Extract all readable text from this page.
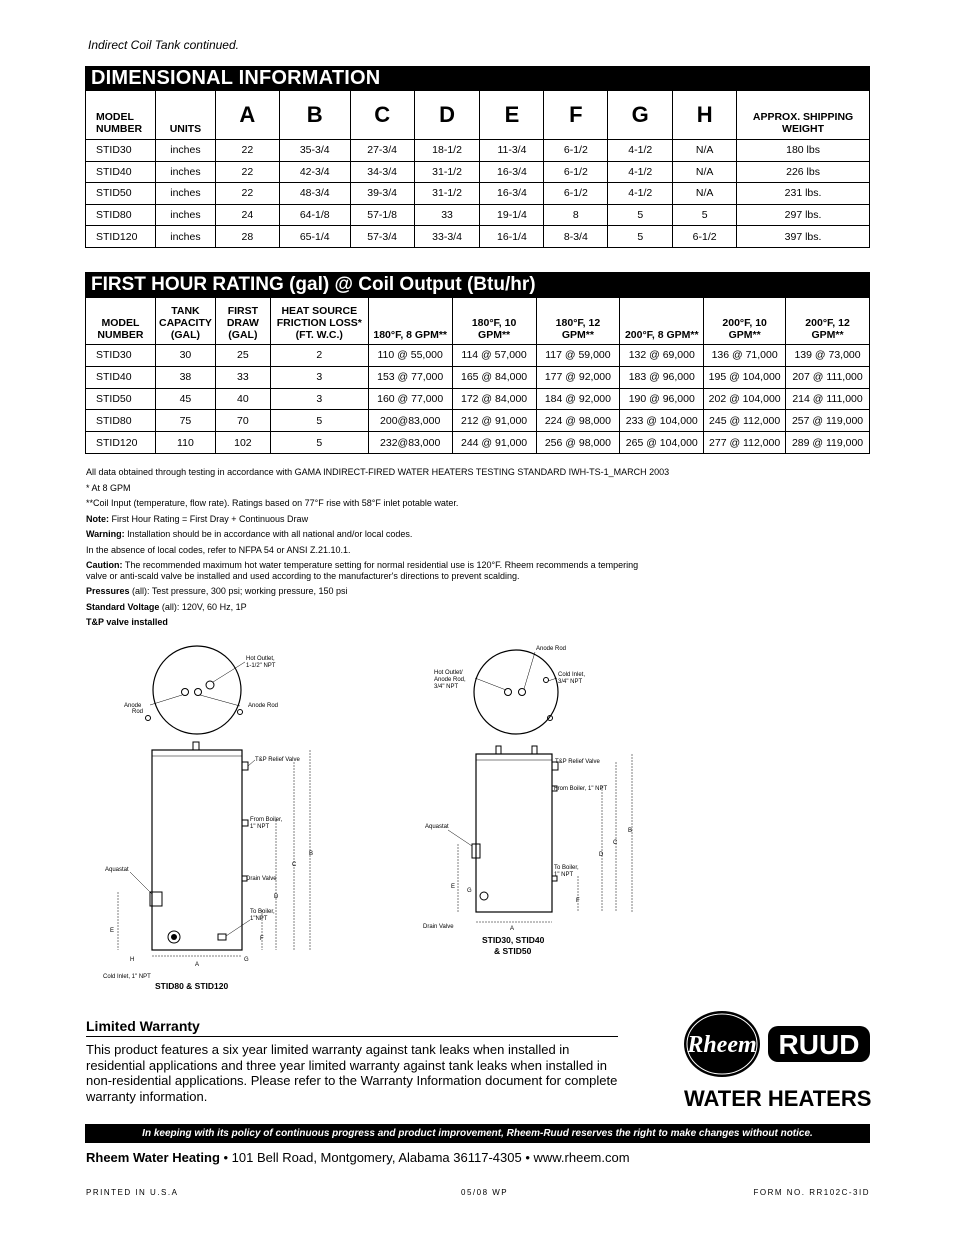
Indirect Coil Tank continued.
DIMENSIONAL INFORMATION
MODEL NUMBER	UNITS	A	B	C	D	E	F	G	H	APPROX. SHIPPING WEIGHT
STID30	inches	22	35-3/4	27-3/4	18-1/2	11-3/4	6-1/2	4-1/2	N/A	180 lbs
STID40	inches	22	42-3/4	34-3/4	31-1/2	16-3/4	6-1/2	4-1/2	N/A	226 lbs
STID50	inches	22	48-3/4	39-3/4	31-1/2	16-3/4	6-1/2	4-1/2	N/A	231 lbs.
STID80	inches	24	64-1/8	57-1/8	33	19-1/4	8	5	5	297 lbs.
STID120	inches	28	65-1/4	57-3/4	33-3/4	16-1/4	8-3/4	5	6-1/2	397 lbs.
FIRST HOUR RATING (gal) @ Coil Output (Btu/hr)
MODEL NUMBER	TANK CAPACITY (GAL)	FIRST DRAW (GAL)	HEAT SOURCE FRICTION LOSS* (FT. W.C.)	180°F, 8 GPM**	180°F, 10 GPM**	180°F, 12 GPM**	200°F, 8 GPM**	200°F, 10 GPM**	200°F, 12 GPM**
STID30	30	25	2	110 @ 55,000	114 @ 57,000	117 @ 59,000	132 @ 69,000	136 @ 71,000	139 @ 73,000
STID40	38	33	3	153 @ 77,000	165 @ 84,000	177 @ 92,000	183 @ 96,000	195 @ 104,000	207 @ 111,000
STID50	45	40	3	160 @ 77,000	172 @ 84,000	184 @ 92,000	190 @ 96,000	202 @ 104,000	214 @ 111,000
STID80	75	70	5	200@83,000	212 @ 91,000	224 @ 98,000	233 @ 104,000	245 @ 112,000	257 @ 119,000
STID120	110	102	5	232@83,000	244 @ 91,000	256 @ 98,000	265 @ 104,000	277 @ 112,000	289 @ 119,000

All data obtained through testing in accordance with GAMA INDIRECT-FIRED WATER HEATERS TESTING STANDARD IWH-TS-1_MARCH 2003

* At 8 GPM

**Coil Input (temperature, flow rate). Ratings based on 77°F rise with 58°F inlet potable water.

Note: First Hour Rating = First Dray + Continuous Draw

Warning: Installation should be in accordance with all national and/or local codes.

In the absence of local codes, refer to NFPA 54 or ANSI Z.21.10.1.

Caution: The recommended maximum hot water temperature setting for normal residential use is 120°F. Rheem recommends a tempering

valve or anti-scald valve be installed and used according to the manufacturer's directions to prevent scalding.

Pressures (all): Test pressure, 300 psi; working pressure, 150 psi

Standard Voltage (all): 120V, 60 Hz, 1P

T&P valve installed

Hot Outlet,
1-1/2" NPT
Anode
Rod
Anode Rod
T&P Relief Valve
From Boiler,
1" NPT
Aquastat
Drain Valve
To Boiler,
1"NPT
B
C
D
F
E
A
G
H
Cold Inlet, 1" NPT
STID80 & STID120
Anode Rod
Hot Outlet/
Anode Rod,
3/4" NPT
Cold Inlet,
3/4" NPT
T&P Relief Valve
From Boiler, 1" NPT
Aquastat
To Boiler,
1" NPT
B
C
D
F
E
G
A
Drain Valve
STID30, STID40
& STID50
Limited Warranty
This product features a six year limited warranty against tank leaks when installed in residential applications and three year limited warranty against tank leaks when installed in non-residential applications. Please refer to the Warranty Information document for complete warranty information.
Rheem RUUD
WATER HEATERS
In keeping with its policy of continuous progress and product improvement, Rheem-Ruud reserves the right to make changes without notice.
Rheem Water Heating • 101 Bell Road, Montgomery, Alabama 36117-4305 • www.rheem.com
PRINTED IN U.S.A	05/08 WP	FORM NO. RR102C-3ID
